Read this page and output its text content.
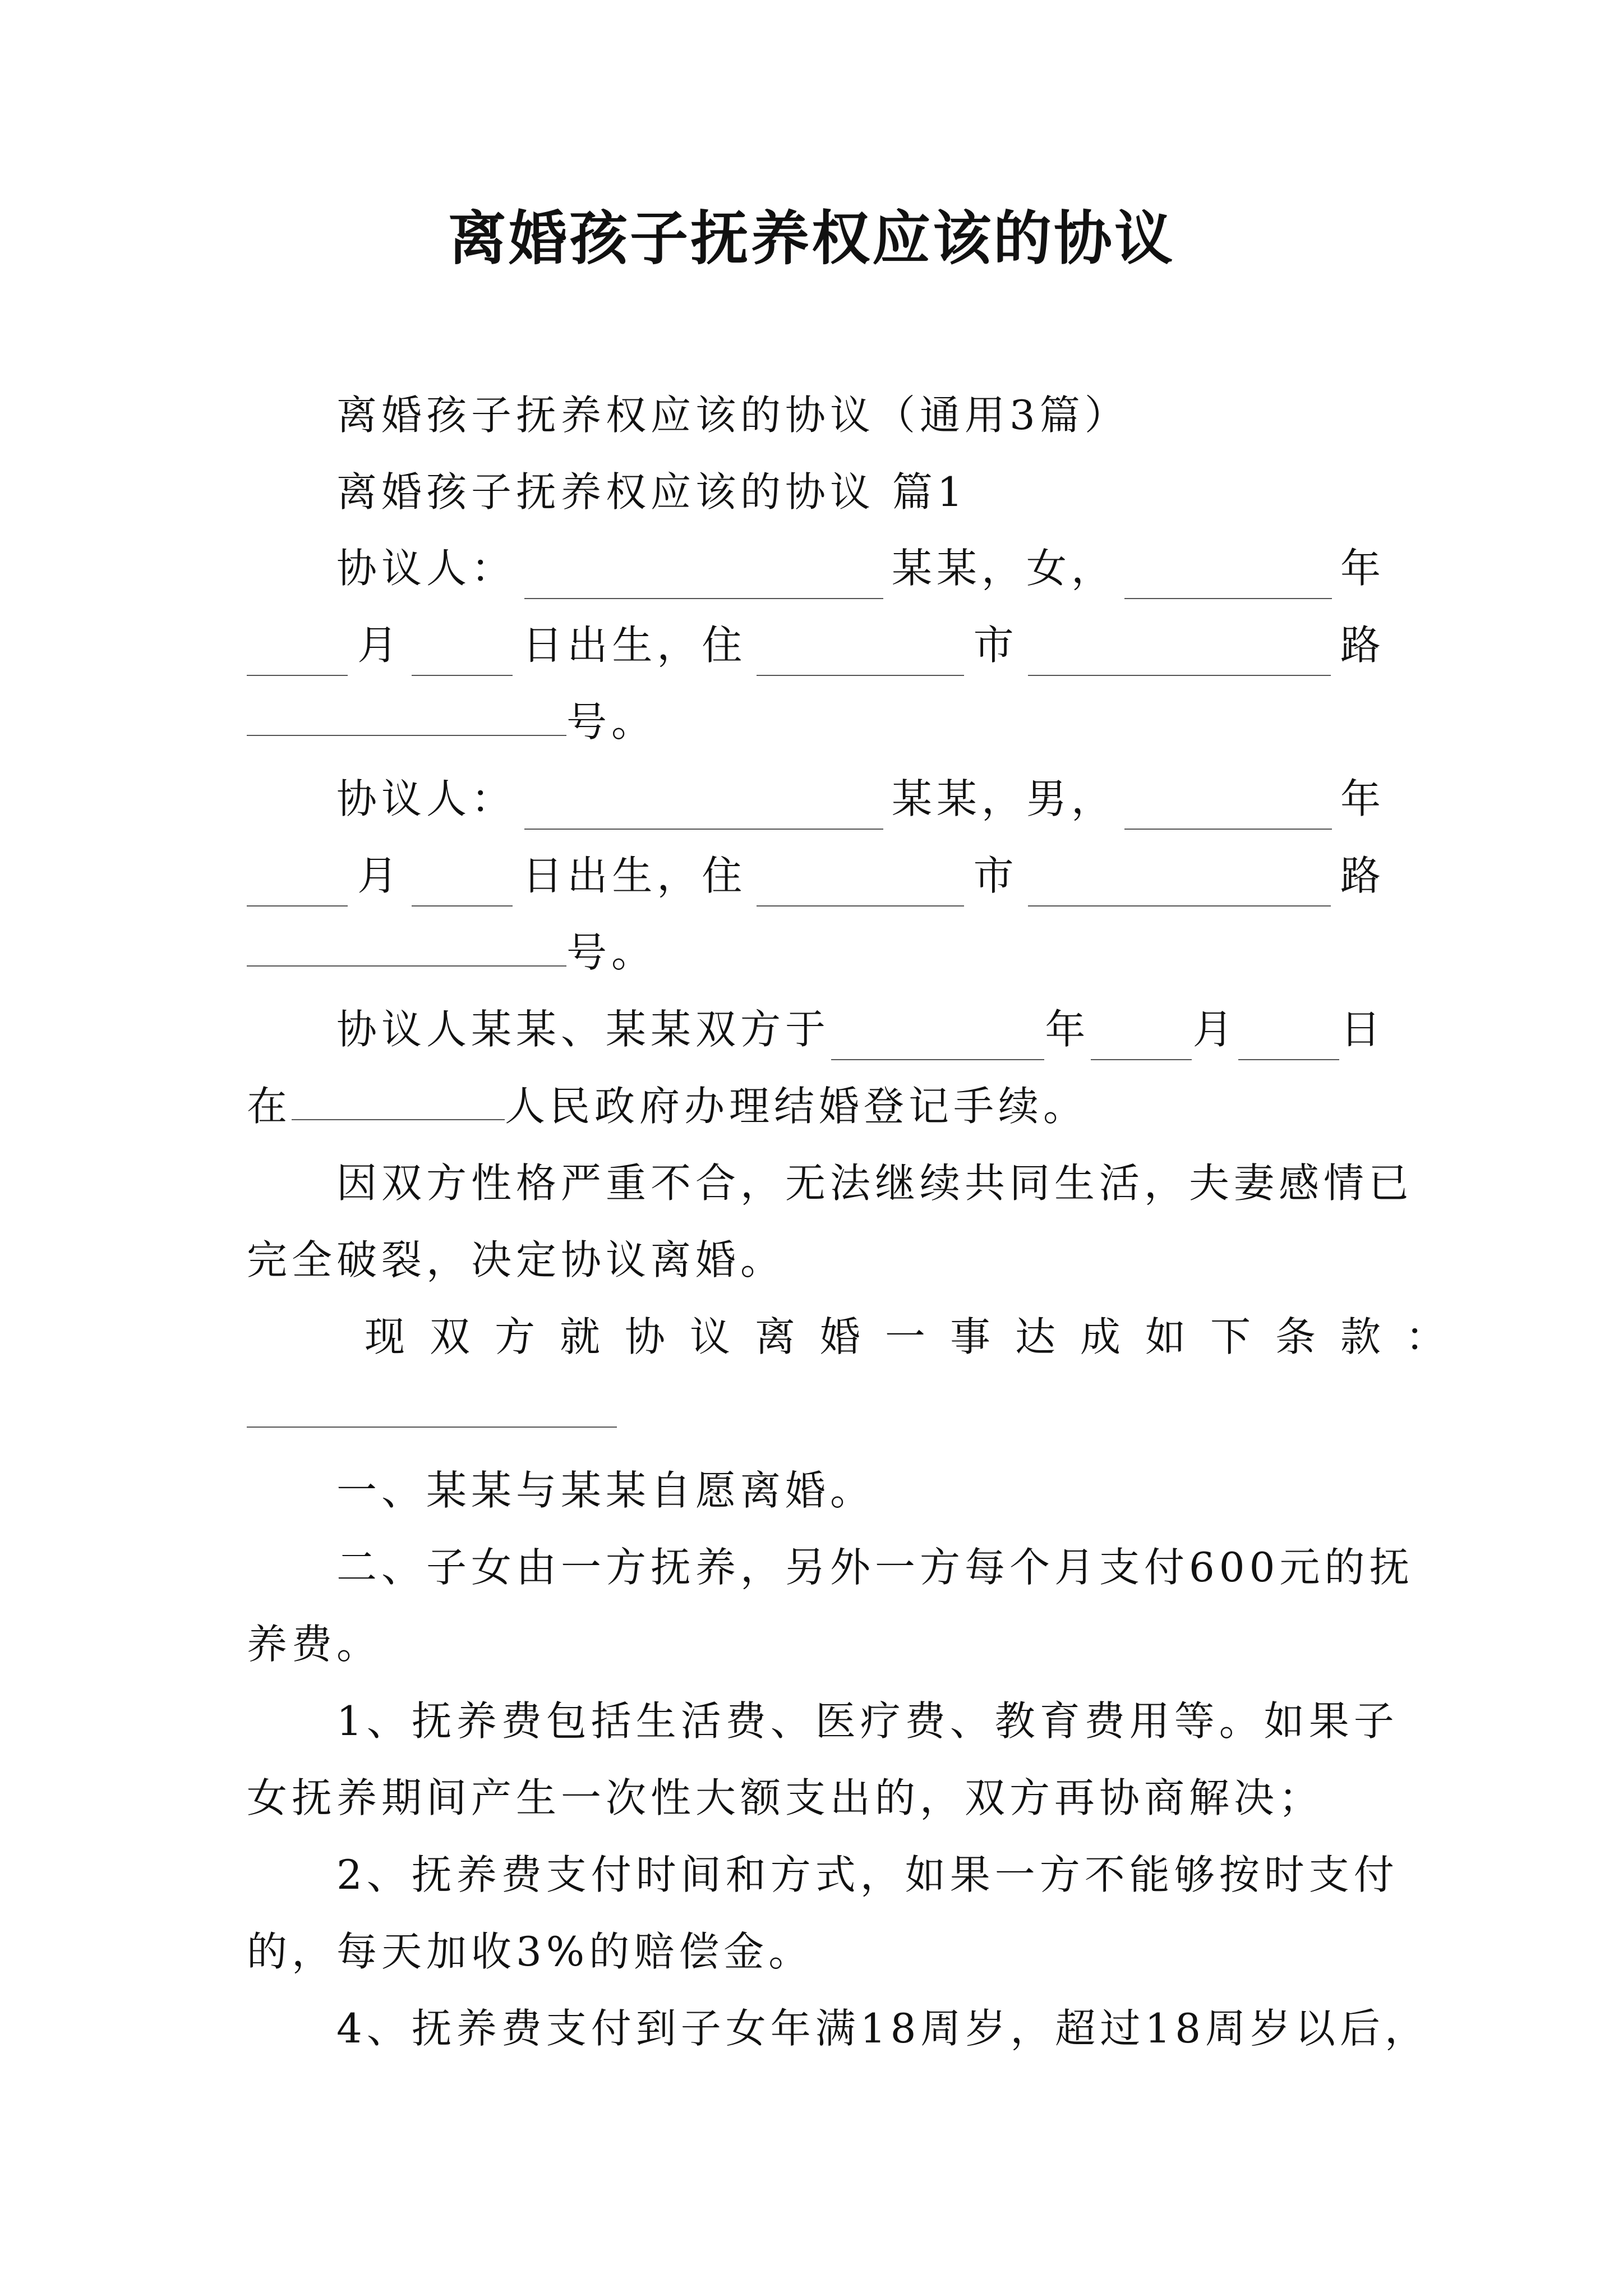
离婚孩子抚养权应该的协议
离婚孩子抚养权应该的协议（通用3篇）
离婚孩子抚养权应该的协议 篇1
协议人：	某某，女，	年
月	日出生，住	市	路
号。
协议人：	某某，男，	年
月	日出生，住	市	路
号。
协议人某某、某某双方于	年	月	日
在	人民政府办理结婚登记手续。
因双方性格严重不合，无法继续共同生活，夫妻感情已
完全破裂，决定协议离婚。
现双方就协议离婚一事达成如下条款：
一、某某与某某自愿离婚。
二、子女由一方抚养，另外一方每个月支付600元的抚
养费。
1、抚养费包括生活费、医疗费、教育费用等。如果子
女抚养期间产生一次性大额支出的，双方再协商解决；
2、抚养费支付时间和方式，如果一方不能够按时支付
的，每天加收3%的赔偿金。
4、抚养费支付到子女年满18周岁，超过18周岁以后，
